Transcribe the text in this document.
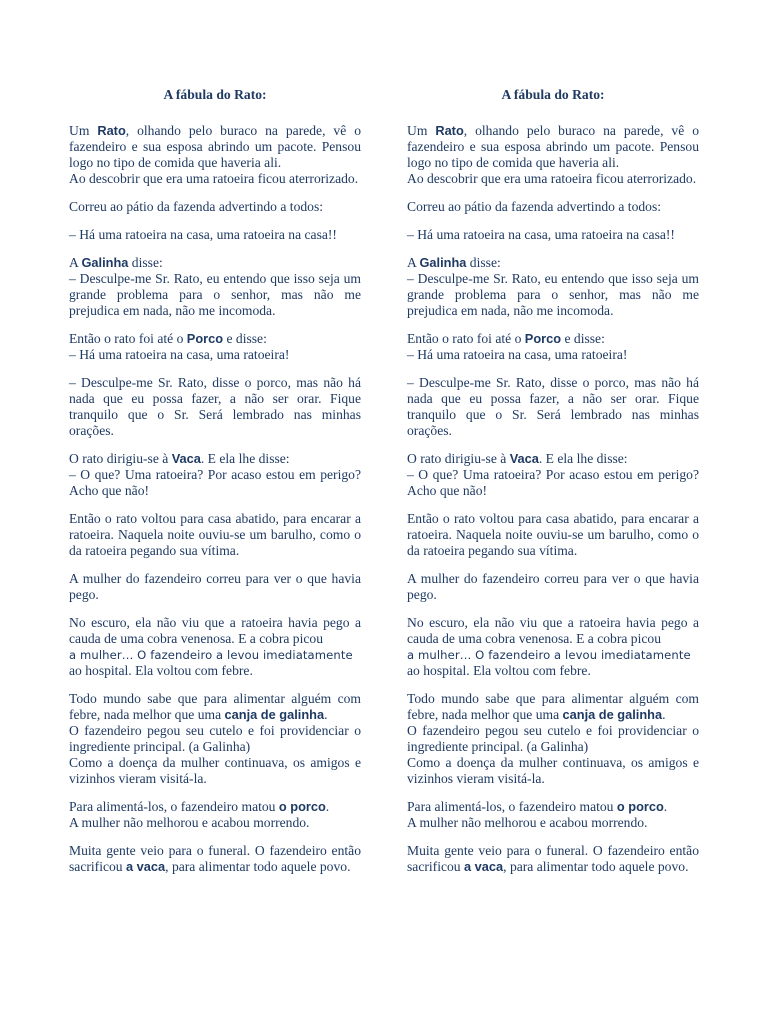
A fábula do Rato:
Um Rato, olhando pelo buraco na parede, vê o fazendeiro e sua esposa abrindo um pacote. Pensou logo no tipo de comida que haveria ali.
Ao descobrir que era uma ratoeira ficou aterrorizado.
Correu ao pátio da fazenda advertindo a todos:
– Há uma ratoeira na casa, uma ratoeira na casa!!
A Galinha disse:
– Desculpe-me Sr. Rato, eu entendo que isso seja um grande problema para o senhor, mas não me prejudica em nada, não me incomoda.
Então o rato foi até o Porco e disse:
– Há uma ratoeira na casa, uma ratoeira!
– Desculpe-me Sr. Rato, disse o porco, mas não há nada que eu possa fazer, a não ser orar. Fique tranquilo que o Sr. Será lembrado nas minhas orações.
O rato dirigiu-se à Vaca. E ela lhe disse:
– O que? Uma ratoeira? Por acaso estou em perigo? Acho que não!
Então o rato voltou para casa abatido, para encarar a ratoeira. Naquela noite ouviu-se um barulho, como o da ratoeira pegando sua vítima.
A mulher do fazendeiro correu para ver o que havia pego.
No escuro, ela não viu que a ratoeira havia pego a cauda de uma cobra venenosa. E a cobra picou
a mulher… O fazendeiro a levou imediatamente
ao hospital. Ela voltou com febre.
Todo mundo sabe que para alimentar alguém com febre, nada melhor que uma canja de galinha.
O fazendeiro pegou seu cutelo e foi providenciar o ingrediente principal. (a Galinha)
Como a doença da mulher continuava, os amigos e vizinhos vieram visitá-la.
Para alimentá-los, o fazendeiro matou o porco.
A mulher não melhorou e acabou morrendo.
Muita gente veio para o funeral. O fazendeiro então sacrificou a vaca, para alimentar todo aquele povo.
A fábula do Rato:
Um Rato, olhando pelo buraco na parede, vê o fazendeiro e sua esposa abrindo um pacote. Pensou logo no tipo de comida que haveria ali.
Ao descobrir que era uma ratoeira ficou aterrorizado.
Correu ao pátio da fazenda advertindo a todos:
– Há uma ratoeira na casa, uma ratoeira na casa!!
A Galinha disse:
– Desculpe-me Sr. Rato, eu entendo que isso seja um grande problema para o senhor, mas não me prejudica em nada, não me incomoda.
Então o rato foi até o Porco e disse:
– Há uma ratoeira na casa, uma ratoeira!
– Desculpe-me Sr. Rato, disse o porco, mas não há nada que eu possa fazer, a não ser orar. Fique tranquilo que o Sr. Será lembrado nas minhas orações.
O rato dirigiu-se à Vaca. E ela lhe disse:
– O que? Uma ratoeira? Por acaso estou em perigo? Acho que não!
Então o rato voltou para casa abatido, para encarar a ratoeira. Naquela noite ouviu-se um barulho, como o da ratoeira pegando sua vítima.
A mulher do fazendeiro correu para ver o que havia pego.
No escuro, ela não viu que a ratoeira havia pego a cauda de uma cobra venenosa. E a cobra picou
a mulher… O fazendeiro a levou imediatamente
ao hospital. Ela voltou com febre.
Todo mundo sabe que para alimentar alguém com febre, nada melhor que uma canja de galinha.
O fazendeiro pegou seu cutelo e foi providenciar o ingrediente principal. (a Galinha)
Como a doença da mulher continuava, os amigos e vizinhos vieram visitá-la.
Para alimentá-los, o fazendeiro matou o porco.
A mulher não melhorou e acabou morrendo.
Muita gente veio para o funeral. O fazendeiro então sacrificou a vaca, para alimentar todo aquele povo.
